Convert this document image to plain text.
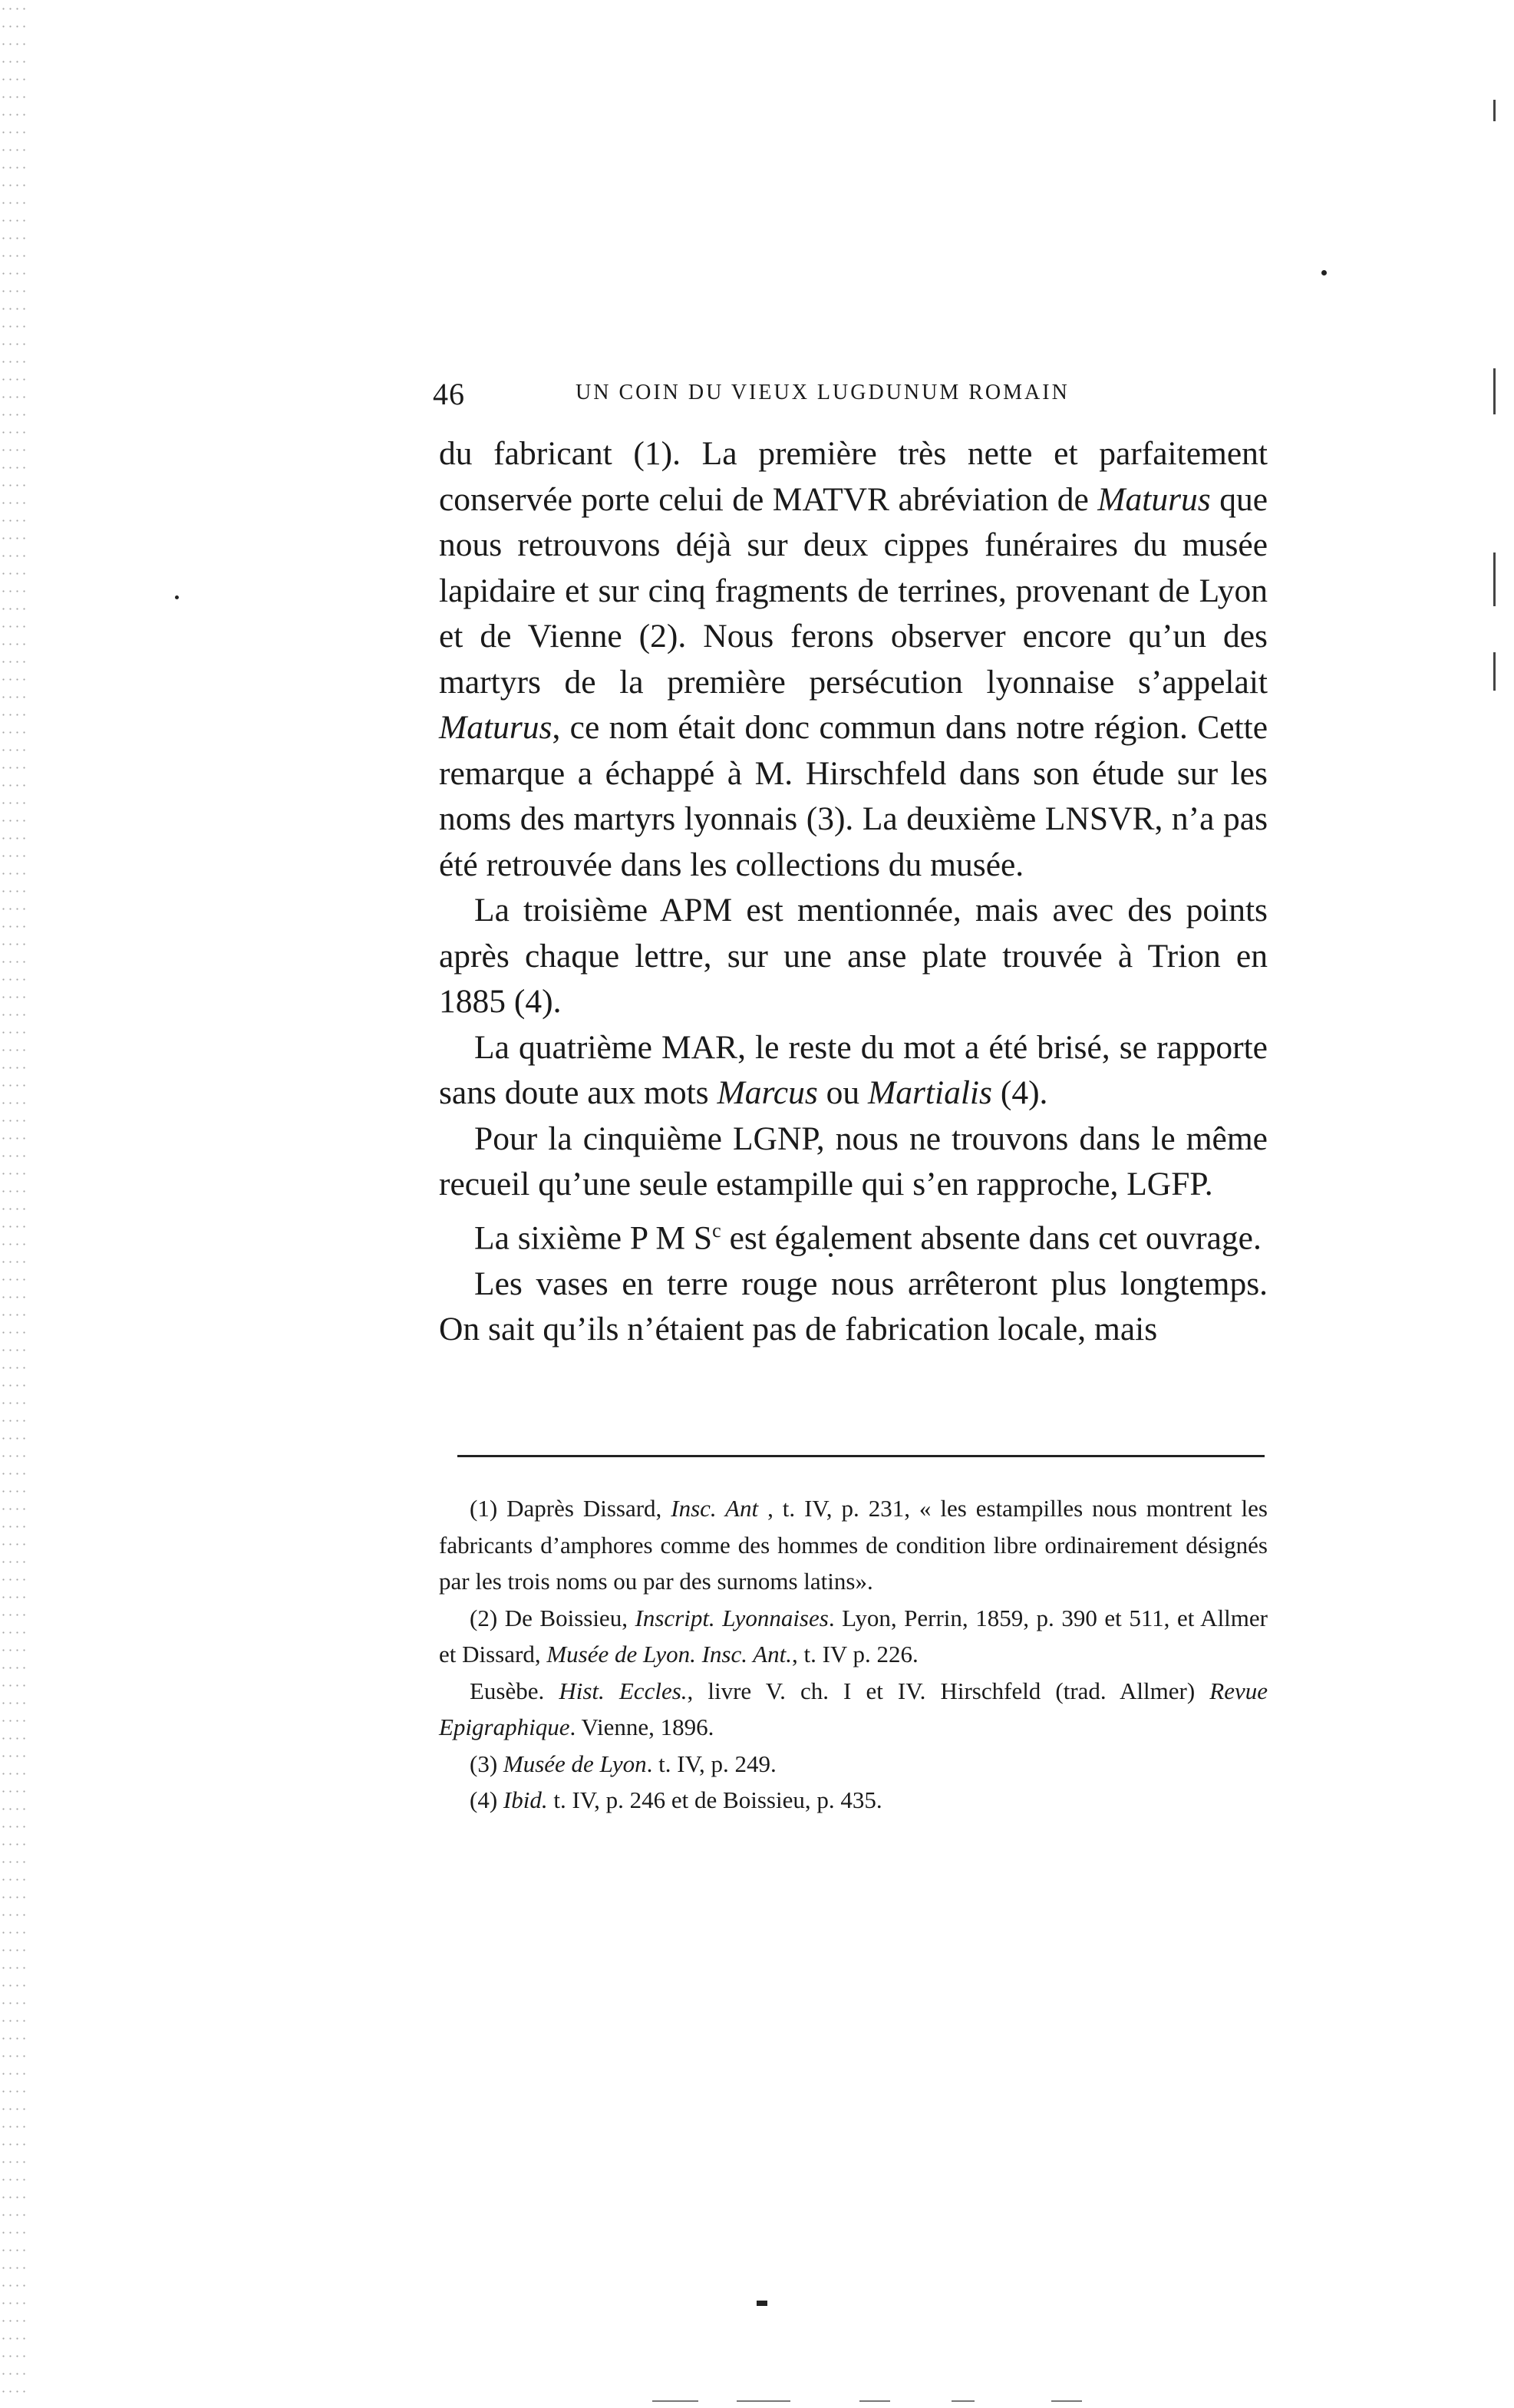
46	UN COIN DU VIEUX LUGDUNUM ROMAIN

du fabricant (1). La première très nette et parfaitement conservée porte celui de MATVR abréviation de Maturus que nous retrouvons déjà sur deux cippes funéraires du musée lapidaire et sur cinq fragments de terrines, provenant de Lyon et de Vienne (2). Nous ferons observer encore qu’un des martyrs de la première persécution lyonnaise s’appelait Maturus, ce nom était donc commun dans notre région. Cette remarque a échappé à M. Hirschfeld dans son étude sur les noms des martyrs lyonnais (3). La deuxième LNSVR, n’a pas été retrouvée dans les collections du musée.

La troisième APM est mentionnée, mais avec des points après chaque lettre, sur une anse plate trouvée à Trion en 1885 (4).

La quatrième MAR, le reste du mot a été brisé, se rapporte sans doute aux mots Marcus ou Martialis (4).

Pour la cinquième LGNP, nous ne trouvons dans le même recueil qu’une seule estampille qui s’en rapproche, LGFP.

La sixième P M $S^c$ est également absente dans cet ouvrage.

Les vases en terre rouge nous arrêteront plus longtemps. On sait qu’ils n’étaient pas de fabrication locale, mais

(1) Daprès Dissard, Insc. Ant , t. IV, p. 231, « les estampilles nous montrent les fabricants d’amphores comme des hommes de condition libre ordinairement désignés par les trois noms ou par des surnoms latins».

(2) De Boissieu, Inscript. Lyonnaises. Lyon, Perrin, 1859, p. 390 et 511, et Allmer et Dissard, Musée de Lyon. Insc. Ant., t. IV p. 226.

Eusèbe. Hist. Eccles., livre V. ch. I et IV. Hirschfeld (trad. Allmer) Revue Epigraphique. Vienne, 1896.

(3) Musée de Lyon. t. IV, p. 249.

(4) Ibid. t. IV, p. 246 et de Boissieu, p. 435.
